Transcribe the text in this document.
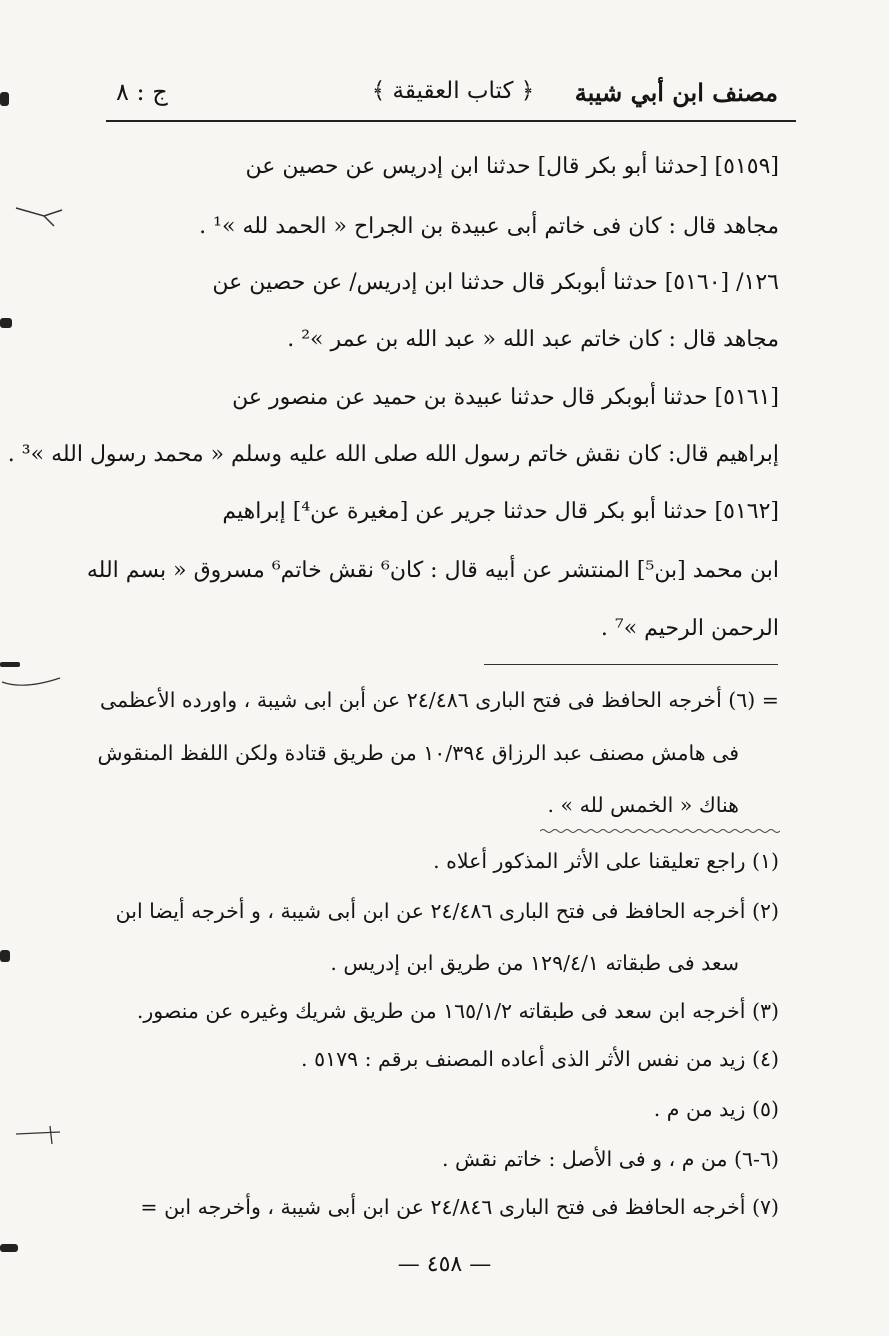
مصنف ابن أبي شيبة
﴿ كتاب العقيقة ﴾
ج : ٨
[٥١٥٩] [حدثنا أبو بكر قال] حدثنا ابن إدريس عن حصين عن
مجاهد قال : كان فى خاتم أبى عبيدة بن الجراح « الحمد لله »¹ .
١٢٦/ [٥١٦٠] حدثنا أبوبكر قال حدثنا ابن إدريس/ عن حصين عن
مجاهد قال : كان خاتم عبد الله « عبد الله بن عمر »² .
[٥١٦١] حدثنا أبوبكر قال حدثنا عبيدة بن حميد عن منصور عن
إبراهيم قال: كان نقش خاتم رسول الله صلى الله عليه وسلم « محمد رسول الله »³ .
[٥١٦٢] حدثنا أبو بكر قال حدثنا جرير عن [مغيرة عن⁴] إبراهيم
ابن محمد [بن⁵] المنتشر عن أبيه قال : كان⁶ نقش خاتم⁶ مسروق « بسم الله
الرحمن الرحيم »⁷ .
= (٦) أخرجه الحافظ فى فتح البارى ٢٤/٤٨٦ عن أبن ابى شيبة ، واورده الأعظمى
فى هامش مصنف عبد الرزاق ١٠/٣٩٤ من طريق قتادة ولكن اللفظ المنقوش
هناك « الخمس لله » .
(١) راجع تعليقنا على الأثر المذكور أعلاه .
(٢) أخرجه الحافظ فى فتح البارى ٢٤/٤٨٦ عن ابن أبى شيبة ، و أخرجه أيضا ابن
سعد فى طبقاته ١٢٩/٤/١ من طريق ابن إدريس .
(٣) أخرجه ابن سعد فى طبقاته ١٦٥/١/٢ من طريق شريك وغيره عن منصور.
(٤) زيد من نفس الأثر الذى أعاده المصنف برقم : ٥١٧٩ .
(٥) زيد من م .
(٦-٦) من م ، و فى الأصل : خاتم نقش .
(٧) أخرجه الحافظ فى فتح البارى ٢٤/٨٤٦ عن ابن أبى شيبة ، وأخرجه ابن =
— ٤٥٨ —
